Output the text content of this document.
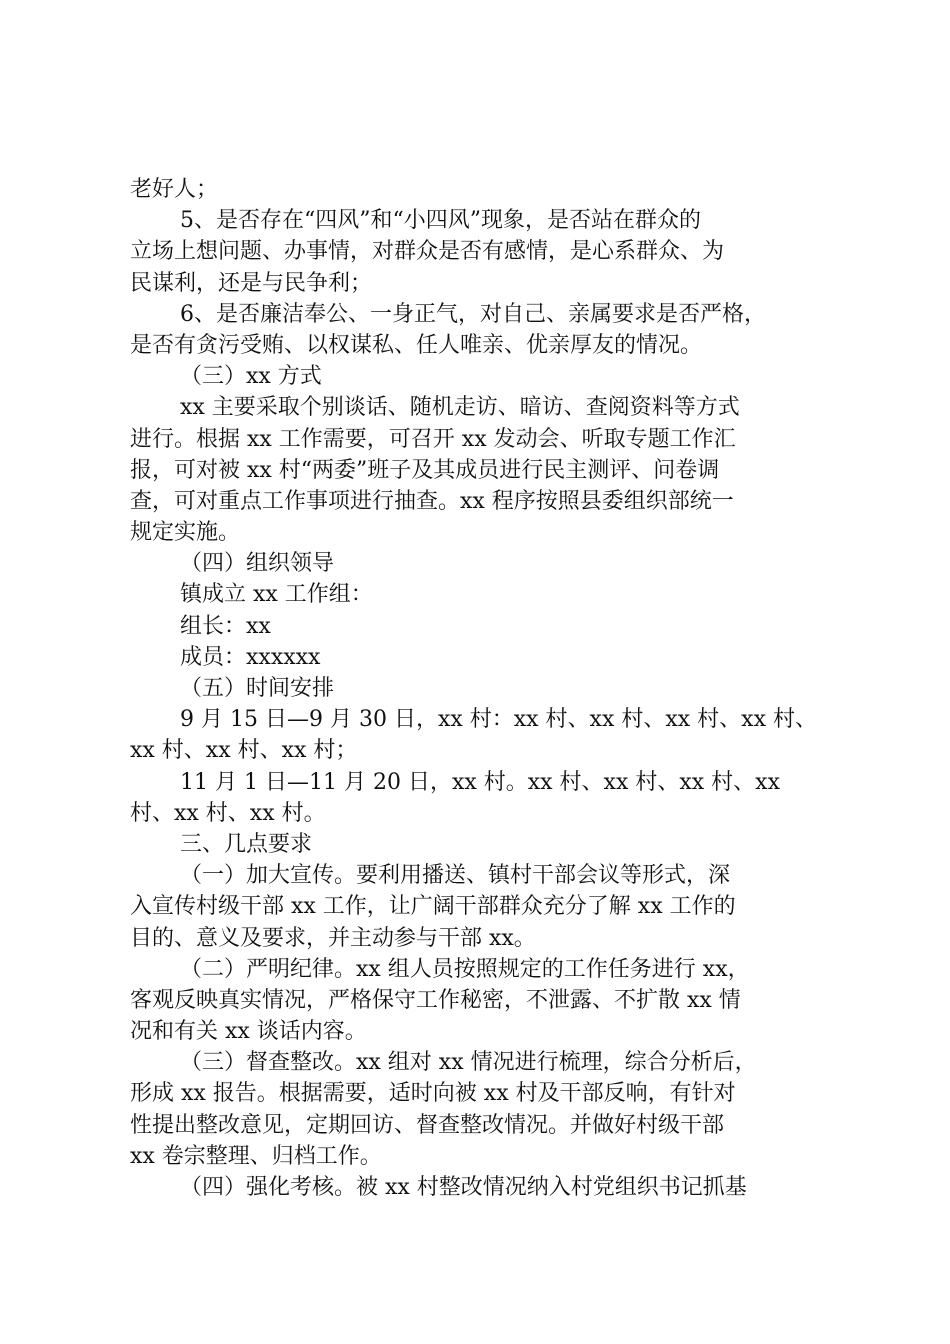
老好人；
5、是否存在“四风”和“小四风”现象，是否站在群众的
立场上想问题、办事情，对群众是否有感情，是心系群众、为
民谋利，还是与民争利；
6、是否廉洁奉公、一身正气，对自己、亲属要求是否严格，
是否有贪污受贿、以权谋私、任人唯亲、优亲厚友的情况。
（三）xx 方式
xx 主要采取个别谈话、随机走访、暗访、查阅资料等方式
进行。根据 xx 工作需要，可召开 xx 发动会、听取专题工作汇
报，可对被 xx 村“两委”班子及其成员进行民主测评、问卷调
查，可对重点工作事项进行抽查。xx 程序按照县委组织部统一
规定实施。
（四）组织领导
镇成立 xx 工作组：
组长：xx
成员：xxxxxx
（五）时间安排
9 月 15 日—9 月 30 日，xx 村：xx 村、xx 村、xx 村、xx 村、
xx 村、xx 村、xx 村；
11 月 1 日—11 月 20 日，xx 村。xx 村、xx 村、xx 村、xx
村、xx 村、xx 村。
三、几点要求
（一）加大宣传。要利用播送、镇村干部会议等形式，深
入宣传村级干部 xx 工作，让广阔干部群众充分了解 xx 工作的
目的、意义及要求，并主动参与干部 xx。
（二）严明纪律。xx 组人员按照规定的工作任务进行 xx，
客观反映真实情况，严格保守工作秘密，不泄露、不扩散 xx 情
况和有关 xx 谈话内容。
（三）督查整改。xx 组对 xx 情况进行梳理，综合分析后，
形成 xx 报告。根据需要，适时向被 xx 村及干部反响，有针对
性提出整改意见，定期回访、督查整改情况。并做好村级干部
xx 卷宗整理、归档工作。
（四）强化考核。被 xx 村整改情况纳入村党组织书记抓基
